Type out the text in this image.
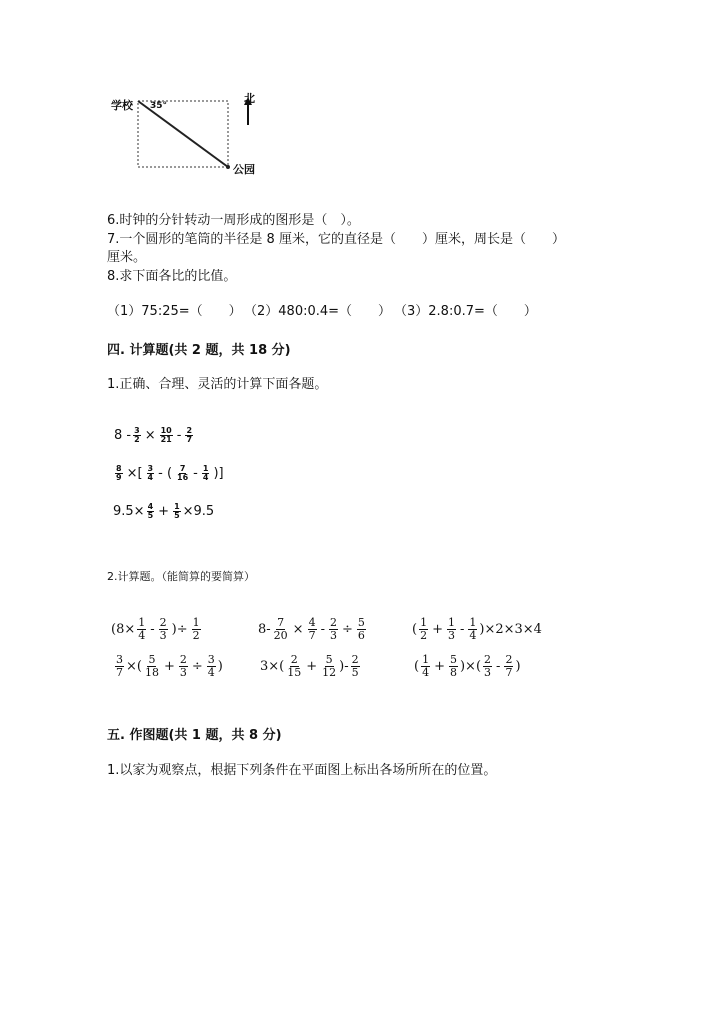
学校 35°
北
公园
6.时钟的分针转动一周形成的图形是（　）。
7.一个圆形的笔筒的半径是 8 厘米，它的直径是（　　）厘米，周长是（　　）
厘米。
8.求下面各比的比值。
（1）75:25=（　　） （2）480:0.4=（　　） （3）2.8:0.7=（　　）
四. 计算题(共 2 题，共 18 分)
1.正确、合理、灵活的计算下面各题。
$8 - \frac{3}{2} \times \frac{10}{21} - \frac{2}{7}$
$\frac{8}{9}$ ×[ $\frac{3}{4}$ - ( $\frac{7}{16} - \frac{1}{4}$ )]
$9.5\times \frac{4}{5} + \frac{1}{5} \times 9.5$
2.计算题。（能简算的要简算）
($8\times \frac{1}{4} - \frac{2}{3}$ )÷ $\frac{1}{2}$	$8- \frac{7}{20} \times \frac{4}{7} - \frac{2}{3} \div \frac{5}{6}$	( $\frac{1}{2} + \frac{1}{3} - \frac{1}{4} )\times 2\times 3\times 4$
$\frac{3}{7}$ ×( $\frac{5}{18} + \frac{2}{3} \div \frac{3}{4}$ )	$3\times( \frac{2}{15} + \frac{5}{12}$ )- $\frac{2}{5}$	( $\frac{1}{4} + \frac{5}{8}$ )×( $\frac{2}{3} - \frac{2}{7}$ )
五. 作图题(共 1 题，共 8 分)
1.以家为观察点，根据下列条件在平面图上标出各场所所在的位置。
